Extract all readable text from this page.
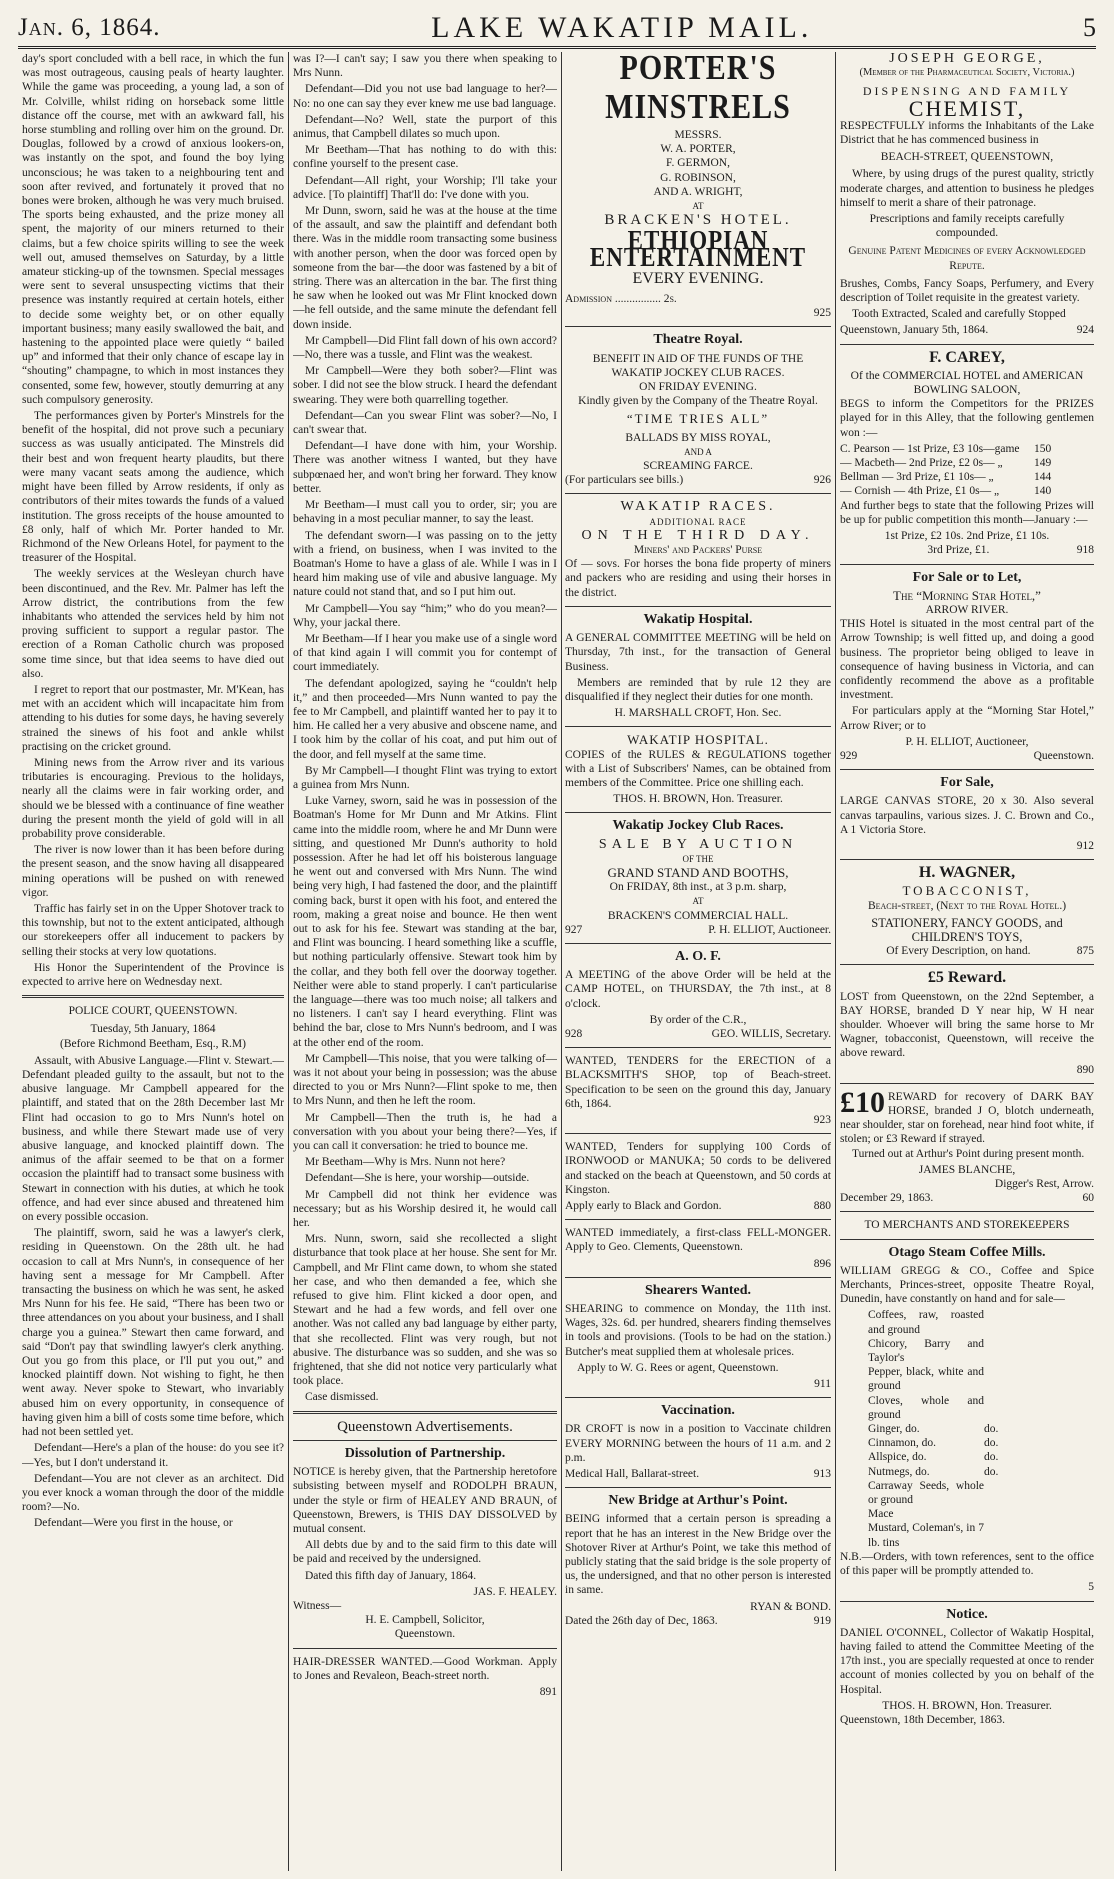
Jan. 6, 1864.	LAKE WAKATIP MAIL.	5

day's sport concluded with a bell race, in which the fun was most outrageous, causing peals of hearty laughter. While the game was proceeding, a young lad, a son of Mr. Colville, whilst riding on horseback some little distance off the course, met with an awkward fall, his horse stumbling and rolling over him on the ground. Dr. Douglas, followed by a crowd of anxious lookers-on, was instantly on the spot, and found the boy lying unconscious; he was taken to a neighbouring tent and soon after revived, and fortunately it proved that no bones were broken, although he was very much bruised. The sports being exhausted, and the prize money all spent, the majority of our miners returned to their claims, but a few choice spirits willing to see the week well out, amused themselves on Saturday, by a little amateur sticking-up of the townsmen. Special messages were sent to several unsuspecting victims that their presence was instantly required at certain hotels, either to decide some weighty bet, or on other equally important business; many easily swallowed the bait, and hastening to the appointed place were quietly “ bailed up” and informed that their only chance of escape lay in “shouting” champagne, to which in most instances they consented, some few, however, stoutly demurring at any such compulsory generosity.

The performances given by Porter's Minstrels for the benefit of the hospital, did not prove such a pecuniary success as was usually anticipated. The Minstrels did their best and won frequent hearty plaudits, but there were many vacant seats among the audience, which might have been filled by Arrow residents, if only as contributors of their mites towards the funds of a valued institution. The gross receipts of the house amounted to £8 only, half of which Mr. Porter handed to Mr. Richmond of the New Orleans Hotel, for payment to the treasurer of the Hospital.

The weekly services at the Wesleyan church have been discontinued, and the Rev. Mr. Palmer has left the Arrow district, the contributions from the few inhabitants who attended the services held by him not proving sufficient to support a regular pastor. The erection of a Roman Catholic church was proposed some time since, but that idea seems to have died out also.

I regret to report that our postmaster, Mr. M'Kean, has met with an accident which will incapacitate him from attending to his duties for some days, he having severely strained the sinews of his foot and ankle whilst practising on the cricket ground.

Mining news from the Arrow river and its various tributaries is encouraging. Previous to the holidays, nearly all the claims were in fair working order, and should we be blessed with a continuance of fine weather during the present month the yield of gold will in all probability prove considerable.

The river is now lower than it has been before during the present season, and the snow having all disappeared mining operations will be pushed on with renewed vigor.

Traffic has fairly set in on the Upper Shotover track to this township, but not to the extent anticipated, although our storekeepers offer all inducement to packers by selling their stocks at very low quotations.

His Honor the Superintendent of the Province is expected to arrive here on Wednesday next.

POLICE COURT, QUEENSTOWN.
Tuesday, 5th January, 1864
(Before Richmond Beetham, Esq., R.M)

Assault, with Abusive Language.—Flint v. Stewart.—Defendant pleaded guilty to the assault, but not to the abusive language. Mr Campbell appeared for the plaintiff, and stated that on the 28th December last Mr Flint had occasion to go to Mrs Nunn's hotel on business, and while there Stewart made use of very abusive language, and knocked plaintiff down. The animus of the affair seemed to be that on a former occasion the plaintiff had to transact some business with Stewart in connection with his duties, at which he took offence, and had ever since abused and threatened him on every possible occasion.

The plaintiff, sworn, said he was a lawyer's clerk, residing in Queenstown. On the 28th ult. he had occasion to call at Mrs Nunn's, in consequence of her having sent a message for Mr Campbell. After transacting the business on which he was sent, he asked Mrs Nunn for his fee. He said, “There has been two or three attendances on you about your business, and I shall charge you a guinea.” Stewart then came forward, and said “Don't pay that swindling lawyer's clerk anything. Out you go from this place, or I'll put you out,” and knocked plaintiff down. Not wishing to fight, he then went away. Never spoke to Stewart, who invariably abused him on every opportunity, in consequence of having given him a bill of costs some time before, which had not been settled yet.

Defendant—Here's a plan of the house: do you see it?—Yes, but I don't understand it.

Defendant—You are not clever as an architect. Did you ever knock a woman through the door of the middle room?—No.

Defendant—Were you first in the house, or

was I?—I can't say; I saw you there when speaking to Mrs Nunn.

Defendant—Did you not use bad language to her?—No: no one can say they ever knew me use bad language.

Defendant—No? Well, state the purport of this animus, that Campbell dilates so much upon.

Mr Beetham—That has nothing to do with this: confine yourself to the present case.

Defendant—All right, your Worship; I'll take your advice. [To plaintiff] That'll do: I've done with you.

Mr Dunn, sworn, said he was at the house at the time of the assault, and saw the plaintiff and defendant both there. Was in the middle room transacting some business with another person, when the door was forced open by someone from the bar—the door was fastened by a bit of string. There was an altercation in the bar. The first thing he saw when he looked out was Mr Flint knocked down—he fell outside, and the same minute the defendant fell down inside.

Mr Campbell—Did Flint fall down of his own accord?—No, there was a tussle, and Flint was the weakest.

Mr Campbell—Were they both sober?—Flint was sober. I did not see the blow struck. I heard the defendant swearing. They were both quarrelling together.

Defendant—Can you swear Flint was sober?—No, I can't swear that.

Defendant—I have done with him, your Worship. There was another witness I wanted, but they have subpœnaed her, and won't bring her forward. They know better.

Mr Beetham—I must call you to order, sir; you are behaving in a most peculiar manner, to say the least.

The defendant sworn—I was passing on to the jetty with a friend, on business, when I was invited to the Boatman's Home to have a glass of ale. While I was in I heard him making use of vile and abusive language. My nature could not stand that, and so I put him out.

Mr Campbell—You say “him;” who do you mean?—Why, your jackal there.

Mr Beetham—If I hear you make use of a single word of that kind again I will commit you for contempt of court immediately.

The defendant apologized, saying he “couldn't help it,” and then proceeded—Mrs Nunn wanted to pay the fee to Mr Campbell, and plaintiff wanted her to pay it to him. He called her a very abusive and obscene name, and I took him by the collar of his coat, and put him out of the door, and fell myself at the same time.

By Mr Campbell—I thought Flint was trying to extort a guinea from Mrs Nunn.

Luke Varney, sworn, said he was in possession of the Boatman's Home for Mr Dunn and Mr Atkins. Flint came into the middle room, where he and Mr Dunn were sitting, and questioned Mr Dunn's authority to hold possession. After he had let off his boisterous language he went out and conversed with Mrs Nunn. The wind being very high, I had fastened the door, and the plaintiff coming back, burst it open with his foot, and entered the room, making a great noise and bounce. He then went out to ask for his fee. Stewart was standing at the bar, and Flint was bouncing. I heard something like a scuffle, but nothing particularly offensive. Stewart took him by the collar, and they both fell over the doorway together. Neither were able to stand properly. I can't particularise the language—there was too much noise; all talkers and no listeners. I can't say I heard everything. Flint was behind the bar, close to Mrs Nunn's bedroom, and I was at the other end of the room.

Mr Campbell—This noise, that you were talking of—was it not about your being in possession; was the abuse directed to you or Mrs Nunn?—Flint spoke to me, then to Mrs Nunn, and then he left the room.

Mr Campbell—Then the truth is, he had a conversation with you about your being there?—Yes, if you can call it conversation: he tried to bounce me.

Mr Beetham—Why is Mrs. Nunn not here?

Defendant—She is here, your worship—outside.

Mr Campbell did not think her evidence was necessary; but as his Worship desired it, he would call her.

Mrs. Nunn, sworn, said she recollected a slight disturbance that took place at her house. She sent for Mr. Campbell, and Mr Flint came down, to whom she stated her case, and who then demanded a fee, which she refused to give him. Flint kicked a door open, and Stewart and he had a few words, and fell over one another. Was not called any bad language by either party, that she recollected. Flint was very rough, but not abusive. The disturbance was so sudden, and she was so frightened, that she did not notice very particularly what took place.

Case dismissed.

Queenstown Advertisements.
Dissolution of Partnership.

NOTICE is hereby given, that the Partnership heretofore subsisting between myself and RODOLPH BRAUN, under the style or firm of HEALEY AND BRAUN, of Queenstown, Brewers, is THIS DAY DISSOLVED by mutual consent.

All debts due by and to the said firm to this date will be paid and received by the undersigned.

Dated this fifth day of January, 1864.

JAS. F. HEALEY.
Witness—
H. E. Campbell, Solicitor,
Queenstown.

HAIR-DRESSER WANTED.—Good Workman. Apply to Jones and Revaleon, Beach-street north.

891
PORTER'S MINSTRELS
MESSRS.
W. A. PORTER,
F. GERMON,
G. ROBINSON,
AND A. WRIGHT,
AT
BRACKEN'S HOTEL.
ETHIOPIAN ENTERTAINMENT
EVERY EVENING.
Admission ................ 2s.
925
Theatre Royal.
BENEFIT IN AID OF THE FUNDS OF THE
WAKATIP JOCKEY CLUB RACES.
ON FRIDAY EVENING.
Kindly given by the Company of the Theatre Royal.
“TIME TRIES ALL”
BALLADS BY MISS ROYAL,
AND A
SCREAMING FARCE.
(For particulars see bills.)	926
WAKATIP RACES.
ADDITIONAL RACE
ON THE THIRD DAY.
Miners' and Packers' Purse

Of — sovs. For horses the bona fide property of miners and packers who are residing and using their horses in the district.

Wakatip Hospital.

A GENERAL COMMITTEE MEETING will be held on Thursday, 7th inst., for the transaction of General Business.

Members are reminded that by rule 12 they are disqualified if they neglect their duties for one month.

H. MARSHALL CROFT, Hon. Sec.
WAKATIP HOSPITAL.

COPIES of the RULES & REGULATIONS together with a List of Subscribers' Names, can be obtained from members of the Committee. Price one shilling each.

THOS. H. BROWN, Hon. Treasurer.
Wakatip Jockey Club Races.
SALE BY AUCTION
OF THE
GRAND STAND AND BOOTHS,
On FRIDAY, 8th inst., at 3 p.m. sharp,
AT
BRACKEN'S COMMERCIAL HALL.
927	P. H. ELLIOT, Auctioneer.
A. O. F.

A MEETING of the above Order will be held at the CAMP HOTEL, on THURSDAY, the 7th inst., at 8 o'clock.

By order of the C.R.,
928	GEO. WILLIS, Secretary.

WANTED, TENDERS for the ERECTION of a BLACKSMITH'S SHOP, top of Beach-street. Specification to be seen on the ground this day, January 6th, 1864.

923

WANTED, Tenders for supplying 100 Cords of IRONWOOD or MANUKA; 50 cords to be delivered and stacked on the beach at Queenstown, and 50 cords at Kingston.

Apply early to Black and Gordon.	880

WANTED immediately, a first-class FELL-MONGER. Apply to Geo. Clements, Queenstown.

896
Shearers Wanted.

SHEARING to commence on Monday, the 11th inst. Wages, 32s. 6d. per hundred, shearers finding themselves in tools and provisions. (Tools to be had on the station.) Butcher's meat supplied them at wholesale prices.

Apply to W. G. Rees or agent, Queenstown.

911
Vaccination.

DR CROFT is now in a position to Vaccinate children EVERY MORNING between the hours of 11 a.m. and 2 p.m.

Medical Hall, Ballarat-street.	913
New Bridge at Arthur's Point.

BEING informed that a certain person is spreading a report that he has an interest in the New Bridge over the Shotover River at Arthur's Point, we take this method of publicly stating that the said bridge is the sole property of us, the undersigned, and that no other person is interested in same.

RYAN & BOND.
Dated the 26th day of Dec, 1863.	919
JOSEPH GEORGE,
(Member of the Pharmaceutical Society, Victoria.)
DISPENSING AND FAMILY
CHEMIST,

RESPECTFULLY informs the Inhabitants of the Lake District that he has commenced business in

BEACH-STREET, QUEENSTOWN,

Where, by using drugs of the purest quality, strictly moderate charges, and attention to business he pledges himself to merit a share of their patronage.

Prescriptions and family receipts carefully compounded.
Genuine Patent Medicines of every Acknowledged Repute.

Brushes, Combs, Fancy Soaps, Perfumery, and Every description of Toilet requisite in the greatest variety.

Tooth Extracted, Scaled and carefully Stopped

Queenstown, January 5th, 1864.	924
F. CAREY,
Of the COMMERCIAL HOTEL and AMERICAN BOWLING SALOON,

BEGS to inform the Competitors for the PRIZES played for in this Alley, that the following gentlemen won :—

C. Pearson — 1st Prize, £3 10s—game 150
— Macbeth— 2nd Prize, £2 0s— „	149
Bellman — 3rd Prize, £1 10s— „	144
— Cornish — 4th Prize, £1 0s— „	140

And further begs to state that the following Prizes will be up for public competition this month—January :—

1st Prize, £2 10s. 2nd Prize, £1 10s.
3rd Prize, £1.	918
For Sale or to Let,
The “Morning Star Hotel,”
ARROW RIVER.

THIS Hotel is situated in the most central part of the Arrow Township; is well fitted up, and doing a good business. The proprietor being obliged to leave in consequence of having business in Victoria, and can confidently recommend the above as a profitable investment.

For particulars apply at the “Morning Star Hotel,” Arrow River; or to

P. H. ELLIOT, Auctioneer,
929	Queenstown.
For Sale,

LARGE CANVAS STORE, 20 x 30. Also several canvas tarpaulins, various sizes. J. C. Brown and Co., A 1 Victoria Store.

912
H. WAGNER,
TOBACCONIST,
Beach-street, (Next to the Royal Hotel.)
STATIONERY, FANCY GOODS, and CHILDREN'S TOYS,
Of Every Description, on hand.	875
£5 Reward.

LOST from Queenstown, on the 22nd September, a BAY HORSE, branded D Y near hip, W H near shoulder. Whoever will bring the same horse to Mr Wagner, tobacconist, Queenstown, will receive the above reward.

890
£10 REWARD for recovery of DARK BAY HORSE, branded J O, blotch underneath, near shoulder, star on forehead, near hind foot white, if stolen; or £3 Reward if strayed.

Turned out at Arthur's Point during present month.

JAMES BLANCHE,
Digger's Rest, Arrow.
December 29, 1863.	60
TO MERCHANTS AND STOREKEEPERS
Otago Steam Coffee Mills.

WILLIAM GREGG & CO., Coffee and Spice Merchants, Princes-street, opposite Theatre Royal, Dunedin, have constantly on hand and for sale—

Coffees, raw, roasted and ground
Chicory, Barry and Taylor's
Pepper, black, white and ground
Cloves, whole and ground
Ginger, do.	do.
Cinnamon, do.	do.
Allspice, do.	do.
Nutmegs, do.	do.
Carraway Seeds, whole or ground
Mace
Mustard, Coleman's, in 7 lb. tins

N.B.—Orders, with town references, sent to the office of this paper will be promptly attended to.

5
Notice.

DANIEL O'CONNEL, Collector of Wakatip Hospital, having failed to attend the Committee Meeting of the 17th inst., you are specially requested at once to render account of monies collected by you on behalf of the Hospital.

THOS. H. BROWN, Hon. Treasurer.
Queenstown, 18th December, 1863.
